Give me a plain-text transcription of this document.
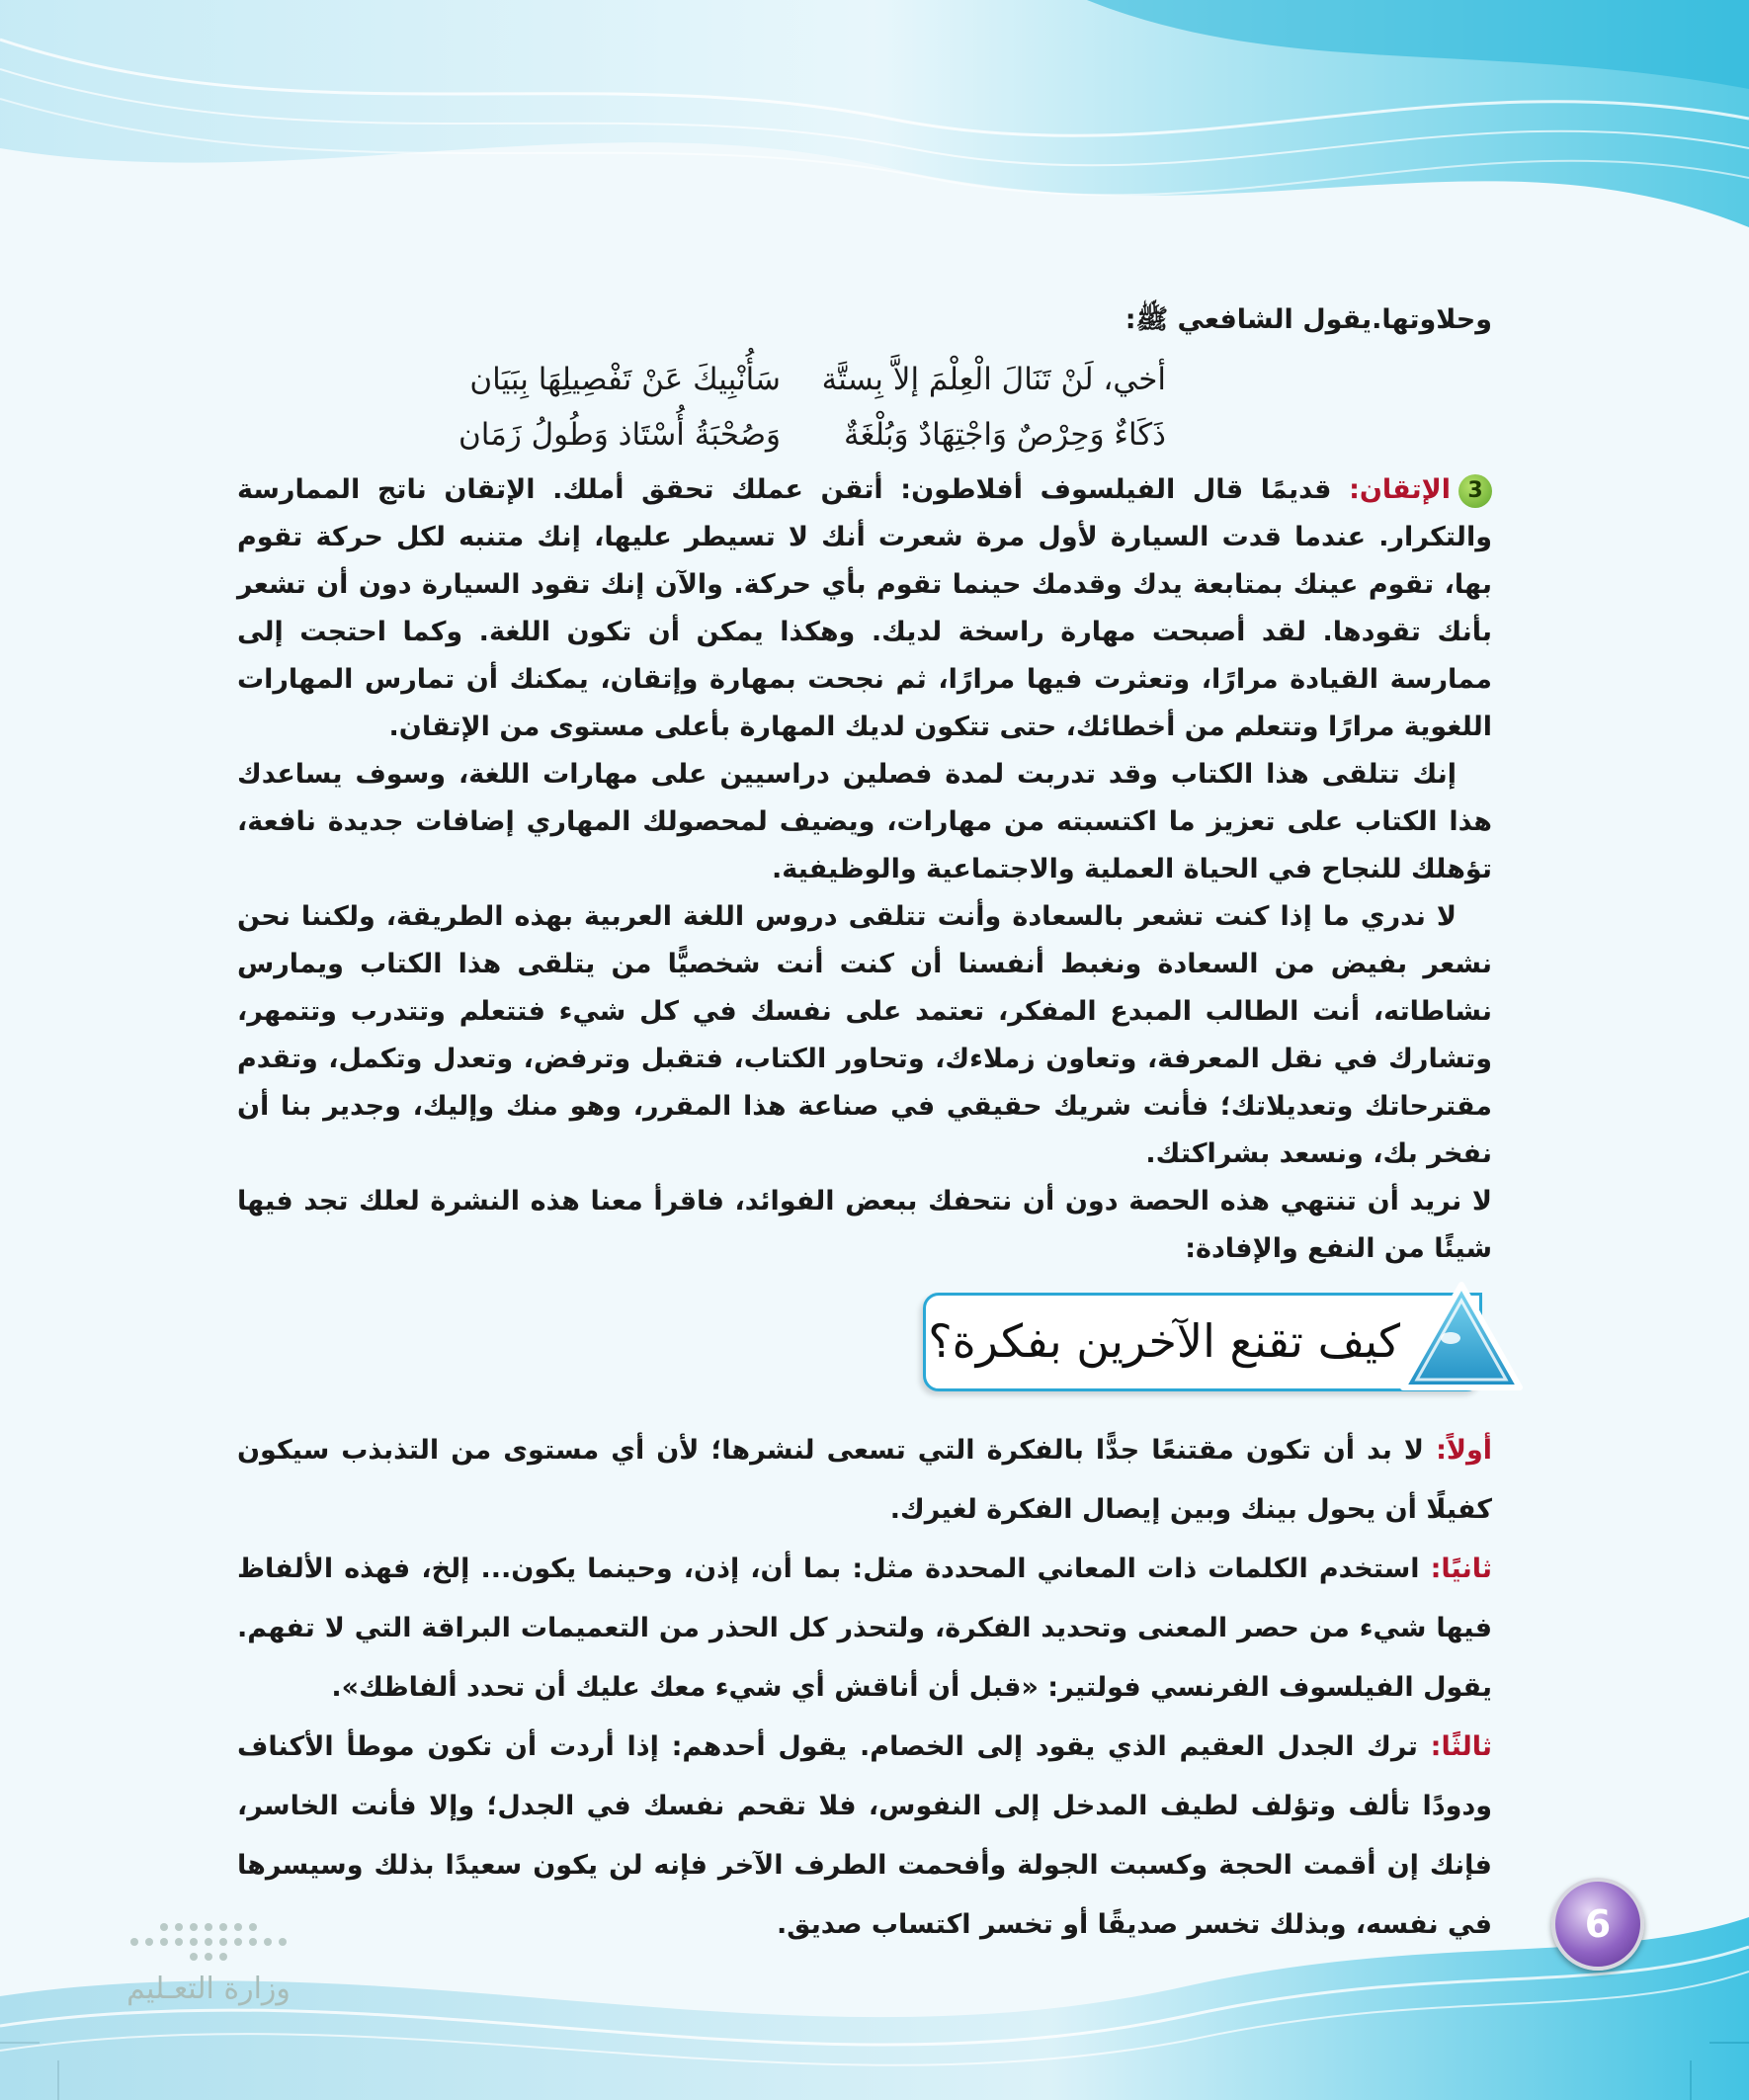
وحلاوتها.يقول الشافعي ﷺ:

أخي، لَنْ تَنَالَ الْعِلْمَ إلاَّ بِستَّة
سَأُنْبِيكَ عَنْ تَفْصِيلِهَا بِبَيَان
ذَكَاءٌ وَحِرْصٌ وَاجْتِهَادٌ وَبُلْغَةٌ
وَصُحْبَةُ أُسْتَاذ وَطُولُ زَمَان

3الإتقان: قديمًا قال الفيلسوف أفلاطون: أتقن عملك تحقق أملك. الإتقان ناتج الممارسة والتكرار. عندما قدت السيارة لأول مرة شعرت أنك لا تسيطر عليها، إنك متنبه لكل حركة تقوم بها، تقوم عينك بمتابعة يدك وقدمك حينما تقوم بأي حركة. والآن إنك تقود السيارة دون أن تشعر بأنك تقودها. لقد أصبحت مهارة راسخة لديك. وهكذا يمكن أن تكون اللغة. وكما احتجت إلى ممارسة القيادة مرارًا، وتعثرت فيها مرارًا، ثم نجحت بمهارة وإتقان، يمكنك أن تمارس المهارات اللغوية مرارًا وتتعلم من أخطائك، حتى تتكون لديك المهارة بأعلى مستوى من الإتقان.

إنك تتلقى هذا الكتاب وقد تدربت لمدة فصلين دراسيين على مهارات اللغة، وسوف يساعدك هذا الكتاب على تعزيز ما اكتسبته من مهارات، ويضيف لمحصولك المهاري إضافات جديدة نافعة، تؤهلك للنجاح في الحياة العملية والاجتماعية والوظيفية.

لا ندري ما إذا كنت تشعر بالسعادة وأنت تتلقى دروس اللغة العربية بهذه الطريقة، ولكننا نحن نشعر بفيض من السعادة ونغبط أنفسنا أن كنت أنت شخصيًّا من يتلقى هذا الكتاب ويمارس نشاطاته، أنت الطالب المبدع المفكر، تعتمد على نفسك في كل شيء فتتعلم وتتدرب وتتمهر، وتشارك في نقل المعرفة، وتعاون زملاءك، وتحاور الكتاب، فتقبل وترفض، وتعدل وتكمل، وتقدم مقترحاتك وتعديلاتك؛ فأنت شريك حقيقي في صناعة هذا المقرر، وهو منك وإليك، وجدير بنا أن نفخر بك، ونسعد بشراكتك.

لا نريد أن تنتهي هذه الحصة دون أن نتحفك ببعض الفوائد، فاقرأ معنا هذه النشرة لعلك تجد فيها شيئًا من النفع والإفادة:

كيف تقنع الآخرين بفكرة؟

أولاً: لا بد أن تكون مقتنعًا جدًّا بالفكرة التي تسعى لنشرها؛ لأن أي مستوى من التذبذب سيكون كفيلًا أن يحول بينك وبين إيصال الفكرة لغيرك.

ثانيًا: استخدم الكلمات ذات المعاني المحددة مثل: بما أن، إذن، وحينما يكون... إلخ، فهذه الألفاظ فيها شيء من حصر المعنى وتحديد الفكرة، ولتحذر كل الحذر من التعميمات البراقة التي لا تفهم. يقول الفيلسوف الفرنسي فولتير: «قبل أن أناقش أي شيء معك عليك أن تحدد ألفاظك».

ثالثًا: ترك الجدل العقيم الذي يقود إلى الخصام. يقول أحدهم: إذا أردت أن تكون موطأ الأكناف ودودًا تألف وتؤلف لطيف المدخل إلى النفوس، فلا تقحم نفسك في الجدل؛ وإلا فأنت الخاسر، فإنك إن أقمت الحجة وكسبت الجولة وأفحمت الطرف الآخر فإنه لن يكون سعيدًا بذلك وسيسرها في نفسه، وبذلك تخسر صديقًا أو تخسر اكتساب صديق.	6
وزارة التعـليم
